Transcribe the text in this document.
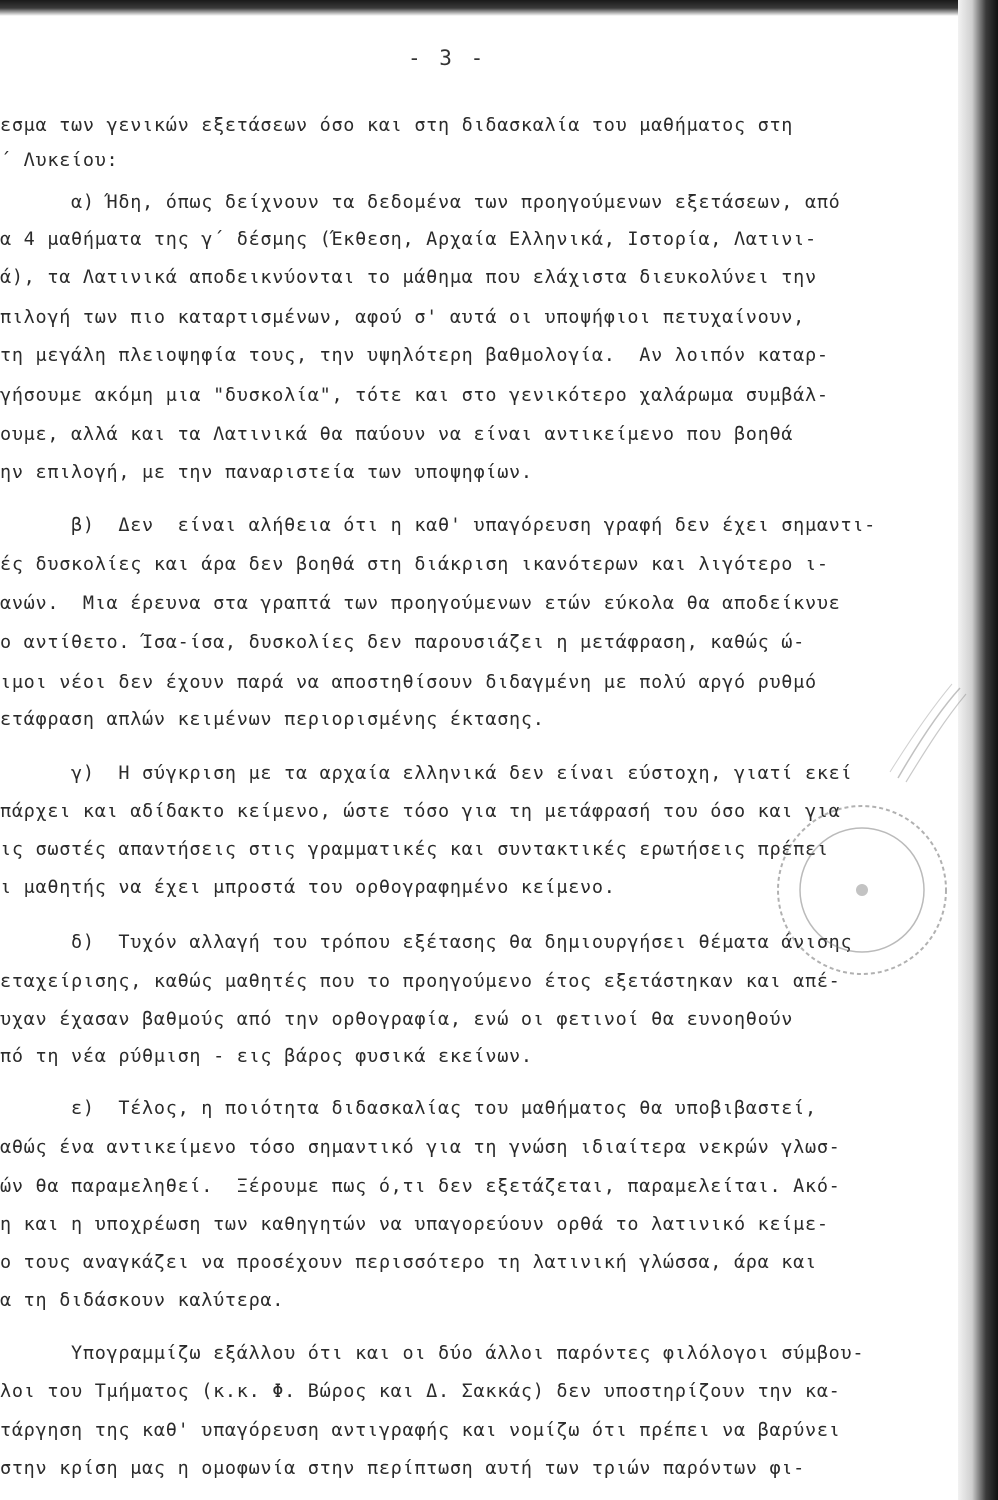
- 3 -
εσμα των γενικών εξετάσεων όσο και στη διδασκαλία του μαθήματος στη
΄ Λυκείου:
α) Ήδη, όπως δείχνουν τα δεδομένα των προηγούμενων εξετάσεων, από
α 4 μαθήματα της γ΄ δέσμης (Έκθεση, Αρχαία Ελληνικά, Ιστορία, Λατινι-
ά), τα Λατινικά αποδεικνύονται το μάθημα που ελάχιστα διευκολύνει την
πιλογή των πιο καταρτισμένων, αφού σ' αυτά οι υποψήφιοι πετυχαίνουν,
τη μεγάλη πλειοψηφία τους, την υψηλότερη βαθμολογία.  Αν λοιπόν καταρ-
γήσουμε ακόμη μια "δυσκολία", τότε και στο γενικότερο χαλάρωμα συμβάλ-
ουμε, αλλά και τα Λατινικά θα παύουν να είναι αντικείμενο που βοηθά
ην επιλογή, με την παναριστεία των υποψηφίων.
β)  Δεν  είναι αλήθεια ότι η καθ' υπαγόρευση γραφή δεν έχει σημαντι-
ές δυσκολίες και άρα δεν βοηθά στη διάκριση ικανότερων και λιγότερο ι-
ανών.  Μια έρευνα στα γραπτά των προηγούμενων ετών εύκολα θα αποδείκνυε
ο αντίθετο. Ίσα-ίσα, δυσκολίες δεν παρουσιάζει η μετάφραση, καθώς ώ-
ιμοι νέοι δεν έχουν παρά να αποστηθίσουν διδαγμένη με πολύ αργό ρυθμό
ετάφραση απλών κειμένων περιορισμένης έκτασης.
γ)  Η σύγκριση με τα αρχαία ελληνικά δεν είναι εύστοχη, γιατί εκεί
πάρχει και αδίδακτο κείμενο, ώστε τόσο για τη μετάφρασή του όσο και για
ις σωστές απαντήσεις στις γραμματικές και συντακτικές ερωτήσεις πρέπει
ι μαθητής να έχει μπροστά του ορθογραφημένο κείμενο.
δ)  Τυχόν αλλαγή του τρόπου εξέτασης θα δημιουργήσει θέματα άνισης
εταχείρισης, καθώς μαθητές που το προηγούμενο έτος εξετάστηκαν και απέ-
υχαν έχασαν βαθμούς από την ορθογραφία, ενώ οι φετινοί θα ευνοηθούν
πό τη νέα ρύθμιση - εις βάρος φυσικά εκείνων.
ε)  Τέλος, η ποιότητα διδασκαλίας του μαθήματος θα υποβιβαστεί,
αθώς ένα αντικείμενο τόσο σημαντικό για τη γνώση ιδιαίτερα νεκρών γλωσ-
ών θα παραμεληθεί.  Ξέρουμε πως ό,τι δεν εξετάζεται, παραμελείται. Ακό-
η και η υποχρέωση των καθηγητών να υπαγορεύουν ορθά το λατινικό κείμε-
ο τους αναγκάζει να προσέχουν περισσότερο τη λατινική γλώσσα, άρα και
α τη διδάσκουν καλύτερα.
Υπογραμμίζω εξάλλου ότι και οι δύο άλλοι παρόντες φιλόλογοι σύμβου-
λοι του Τμήματος (κ.κ. Φ. Βώρος και Δ. Σακκάς) δεν υποστηρίζουν την κα-
τάργηση της καθ' υπαγόρευση αντιγραφής και νομίζω ότι πρέπει να βαρύνει
στην κρίση μας η ομοφωνία στην περίπτωση αυτή των τριών παρόντων φι-
